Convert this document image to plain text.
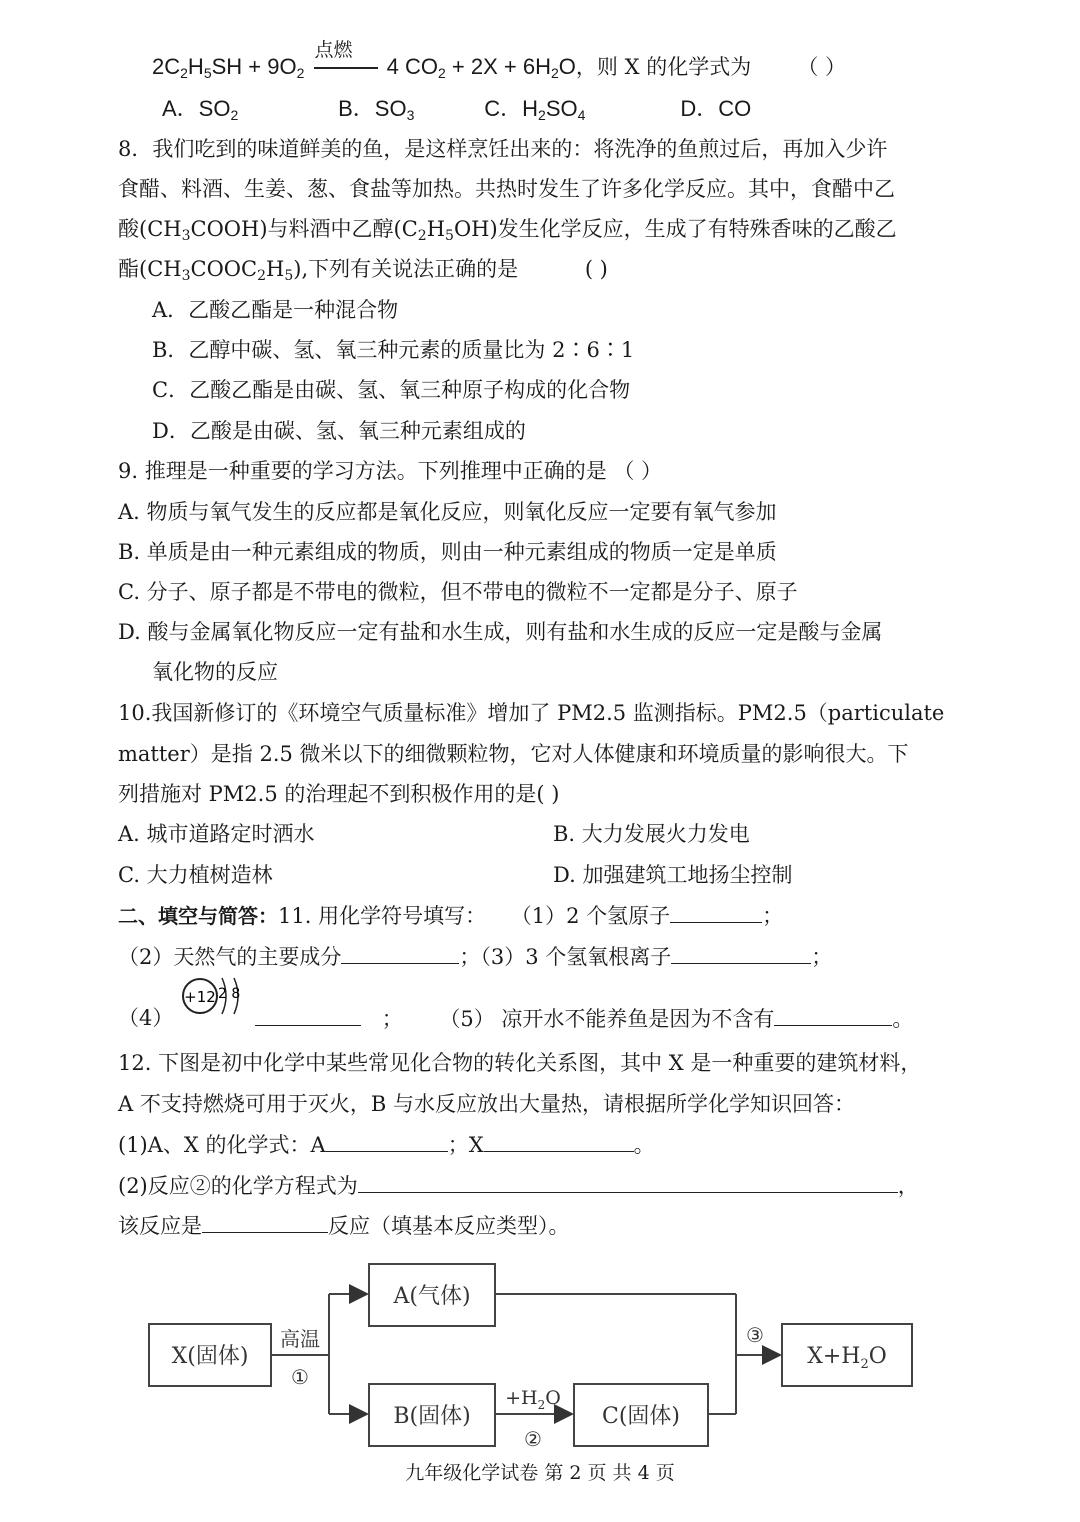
$2C_2H_5SH + 9O_2$
点燃
4 $CO_2 + 2X + 6H_2O$，则 X 的化学式为 （ ）
A．$SO_2$	B．$SO_3$	C．$H_2SO_4$	D．CO
8．我们吃到的味道鲜美的鱼，是这样烹饪出来的：将洗净的鱼煎过后，再加入少许
食醋、料酒、生姜、葱、食盐等加热。共热时发生了许多化学反应。其中，食醋中乙
酸$(CH_3COOH)$与料酒中乙醇$(C_2H_5OH)$发生化学反应，生成了有特殊香味的乙酸乙
酯$(CH_3COOC_2H_5)$,下列有关说法正确的是	( )
A．乙酸乙酯是一种混合物
B．乙醇中碳、氢、氧三种元素的质量比为 2∶6∶1
C．乙酸乙酯是由碳、氢、氧三种原子构成的化合物
D．乙酸是由碳、氢、氧三种元素组成的
9. 推理是一种重要的学习方法。下列推理中正确的是 （ ）
A. 物质与氧气发生的反应都是氧化反应，则氧化反应一定要有氧气参加
B. 单质是由一种元素组成的物质，则由一种元素组成的物质一定是单质
C. 分子、原子都是不带电的微粒，但不带电的微粒不一定都是分子、原子
D. 酸与金属氧化物反应一定有盐和水生成，则有盐和水生成的反应一定是酸与金属
氧化物的反应
10.我国新修订的《环境空气质量标准》增加了 PM2.5 监测指标。PM2.5（particulate
matter）是指 2.5 微米以下的细微颗粒物，它对人体健康和环境质量的影响很大。下
列措施对 PM2.5 的治理起不到积极作用的是( )
A. 城市道路定时洒水	B. 大力发展火力发电
C. 大力植树造林	D. 加强建筑工地扬尘控制
二、填空与简答：11. 用化学符号填写： （1）2 个氢原子	；
（2）天然气的主要成分	；（3）3 个氢氧根离子	；
（4）
+12 2 8
； （5） 凉开水不能养鱼是因为不含有	。
12. 下图是初中化学中某些常见化合物的转化关系图，其中 X 是一种重要的建筑材料，
A 不支持燃烧可用于灭火，B 与水反应放出大量热，请根据所学化学知识回答：
(1)A、X 的化学式：A	；X	。
(2)反应②的化学方程式为	，
该反应是	反应（填基本反应类型）。
X(固体)
A(气体)
B(固体)	C(固体)
$X+H_2O$
高温
①
$+H_2O$
②
③
九年级化学试卷 第 2 页 共 4 页
